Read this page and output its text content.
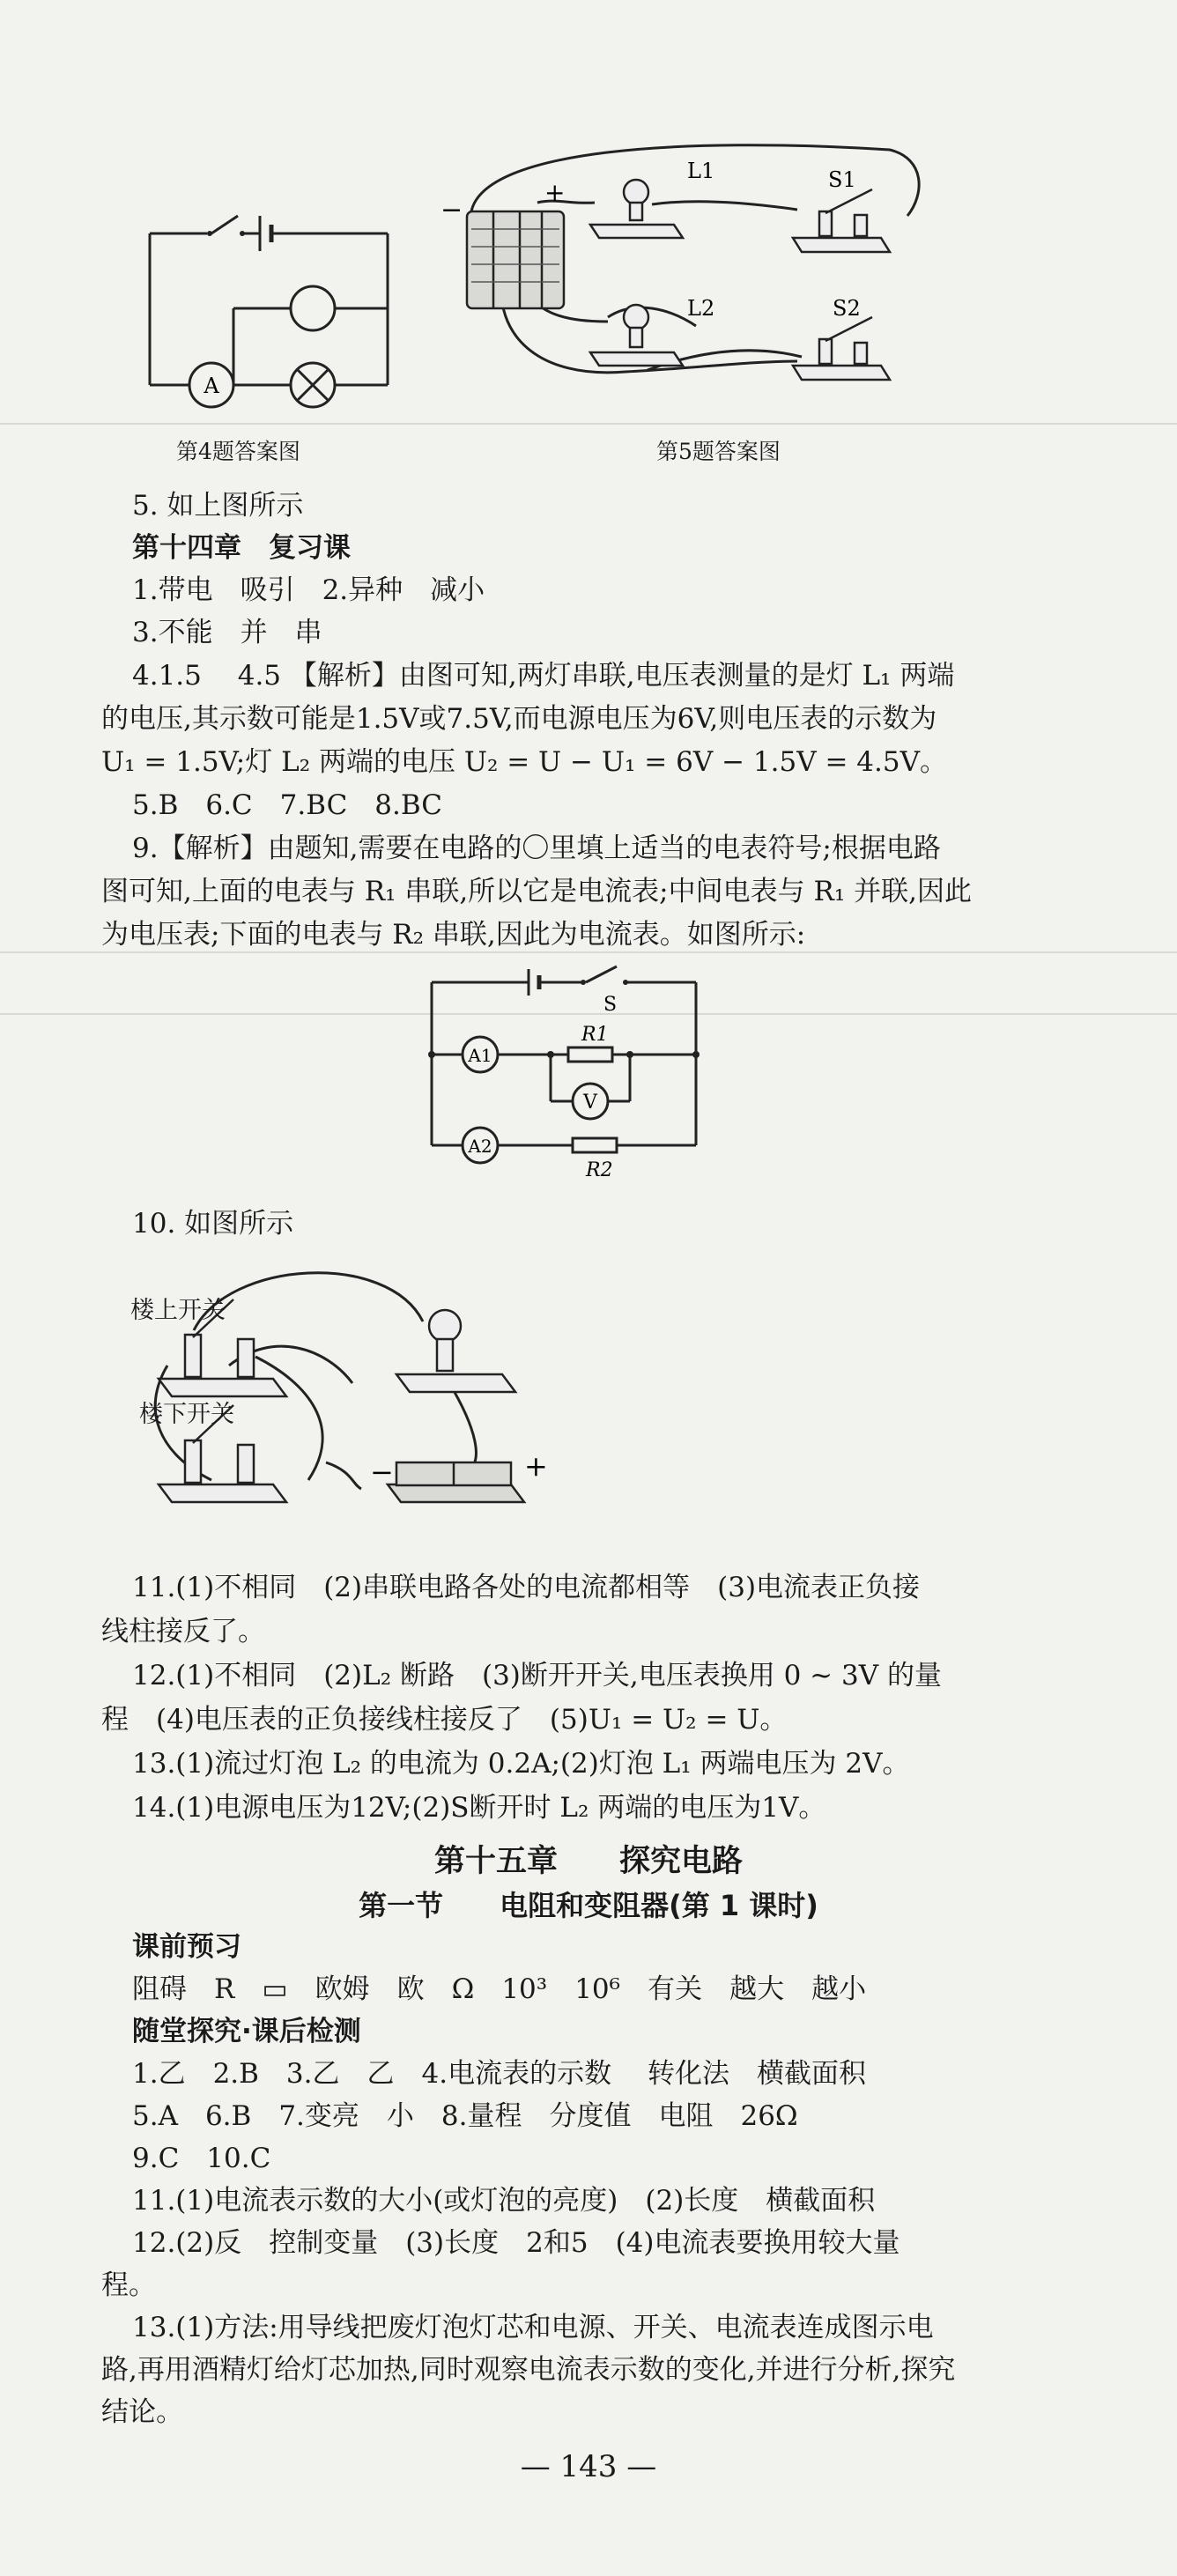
A
第4题答案图
−
+
L1
L2
S1
S2
第5题答案图
5. 如上图所示
第十四章　复习课
1.带电　吸引　2.异种　减小
3.不能　并　串
4.1.5　 4.5 【解析】由图可知,两灯串联,电压表测量的是灯 L₁ 两端
的电压,其示数可能是1.5V或7.5V,而电源电压为6V,则电压表的示数为
U₁ = 1.5V;灯 L₂ 两端的电压 U₂ = U − U₁ = 6V − 1.5V = 4.5V。
5.B　6.C　7.BC　8.BC
9.【解析】由题知,需要在电路的〇里填上适当的电表符号;根据电路
图可知,上面的电表与 R₁ 串联,所以它是电流表;中间电表与 R₁ 并联,因此
为电压表;下面的电表与 R₂ 串联,因此为电流表。如图所示:
S
A1
A2
V
R1
R2
10. 如图所示
−	+
楼上开关
楼下开关
11.(1)不相同　(2)串联电路各处的电流都相等　(3)电流表正负接
线柱接反了。
12.(1)不相同　(2)L₂ 断路　(3)断开开关,电压表换用 0 ~ 3V 的量
程　(4)电压表的正负接线柱接反了　(5)U₁ = U₂ = U。
13.(1)流过灯泡 L₂ 的电流为 0.2A;(2)灯泡 L₁ 两端电压为 2V。
14.(1)电源电压为12V;(2)S断开时 L₂ 两端的电压为1V。
第十五章　　探究电路
第一节　　电阻和变阻器(第 1 课时)
课前预习
阻碍　R　▭　欧姆　欧　Ω　10³　10⁶　有关　越大　越小
随堂探究·课后检测
1.乙　2.B　3.乙　乙　4.电流表的示数　 转化法　横截面积
5.A　6.B　7.变亮　小　8.量程　分度值　电阻　26Ω
9.C　10.C
11.(1)电流表示数的大小(或灯泡的亮度)　(2)长度　横截面积
12.(2)反　控制变量　(3)长度　2和5　(4)电流表要换用较大量
程。
13.(1)方法:用导线把废灯泡灯芯和电源、开关、电流表连成图示电
路,再用酒精灯给灯芯加热,同时观察电流表示数的变化,并进行分析,探究
结论。
— 143 —
